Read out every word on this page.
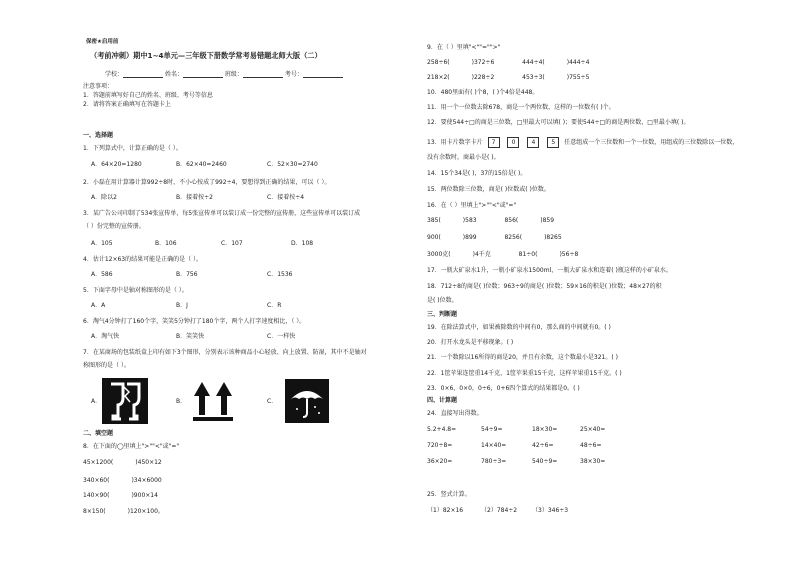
保密★启用前
（考前冲刺）期中1~4单元—三年级下册数学常考易错题北师大版（二）
学校：	姓名：	班级：	考号：
注意事项：
1．答题前填写好自己的姓名、班级、考号等信息
2．请将答案正确填写在答题卡上
一、选择题
1．下列算式中，计算正确的是（ ）。
A．64×20=1280	B．62×40=2460	C．52×30=2740
2．小磊在用计算器计算992÷8时，不小心按成了992÷4，要想得到正确的结果，可以（ ）。
A．除以2	B．接着按÷2	C．接着按÷4
3．某广告公司印制了534张宣传单，每5张宣传单可以装订成一份完整的宣传册，这些宣传单可以装订成
（ ）份完整的宣传册。
A．105	B．106	C．107	D．108
4．估计12×63的结果可能是正确的是（ ）。
A．586	B．756	C．1536
5．下面字母中是轴对称图形的是（ ）。
A．A	B．J	C．R
6．淘气4分钟打了160个字，笑笑5分钟打了180个字，两个人打字速度相比，（ ）。
A．淘气快	B．笑笑快	C．一样快
7．在某商场的包装纸盒上印有如下3个图形，分别表示该种商品小心轻放、向上放置、防湿，其中不是轴对
称图形的是（ ）。
A．	B．	C．
二、填空题
8．在下面的◯里填上">""<"或"="
45×1200(	)450×12
340×60(	)34×6000
140×90(	)900×14
8×150(	)120×100。
9．在（ ）里填"<""="">"
258÷6(	)372÷6	444÷4(	)444÷4
218×2(	)228÷2	453÷3(	)755÷5
10．480里面有( )个8，( )个4倍是448。
11．用一个一位数去除678，商是一个两位数，这样的一位数有( )个。
12．要使544÷□的商是三位数，□里最大可以填( )；要使544÷□的商是两位数，□里最小填( )。
13．用卡片数字卡片 7	0	4	5 任意组成一个三位数和一个一位数，用组成的三位数除以一位数，
没有余数时，商最小是( )。
14．15个34是( )，37的15倍是( )。
15．两位数除三位数，商是( )位数或( )位数。
16．在（ ）里填上">""<"或"="
385(	)583	856(	)859
900(	)899	8256(	)8265
3000克(	)4千克	81÷0(	)56÷8
17．一瓶大矿泉水1升，一瓶小矿泉水1500ml，一瓶大矿泉水和连着( )瓶这样的小矿泉水。
18．712÷8的商是( )位数；963÷9的商是( )位数；59×16的积是( )位数；48×27的积
是( )位数。
三、判断题
19．在除法算式中，如果被除数的中间有0，那么商的中间就有0。( )
20．打开水龙头是平移现象。( )
21．一个数除以16所得的商是20，并且有余数，这个数最小是321。( )
22．1筐苹果连筐重14千克，1筐苹果重15千克，这样苹果重15千克。( )
23．0×6，0×0，0÷6，0+6四个算式的结果都是0。( )
四、计算题
24．直接写出得数。
5.2+4.8=	54÷9=	18×30=	25×40=
720÷8=	14×40=	42÷6=	48÷6=
36×20=	780÷3=	540÷9=	38×30=
25．竖式计算。
（1）82×16	（2）784÷2 （3）346÷3
